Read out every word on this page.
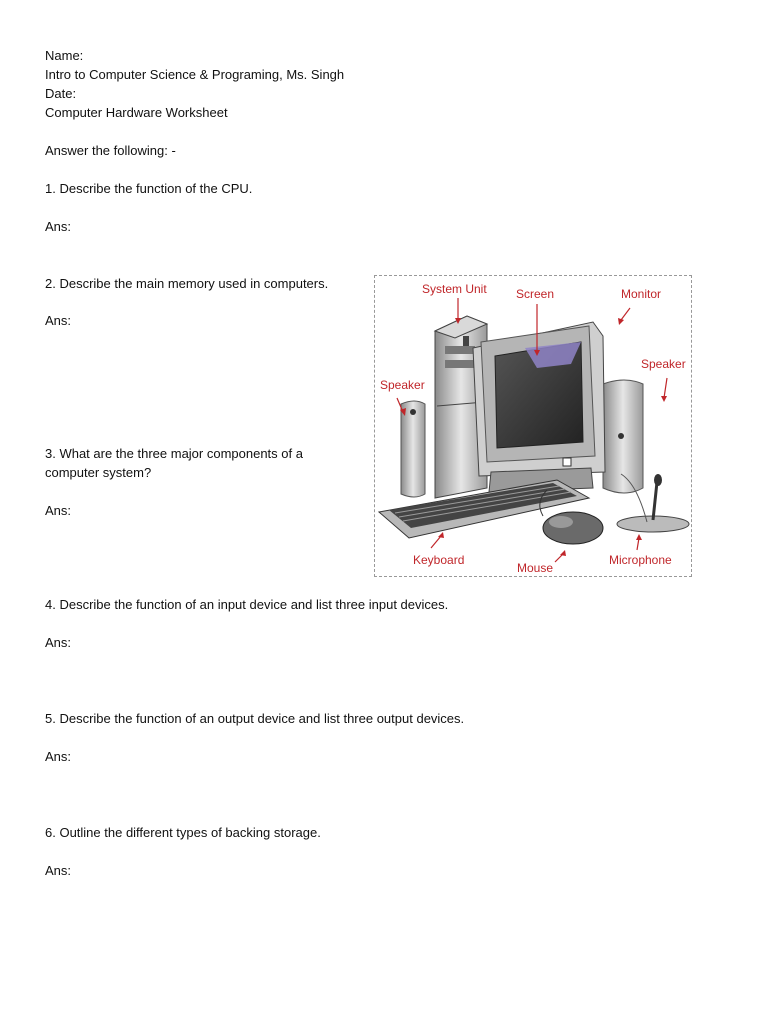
Name:
Intro to Computer Science & Programing, Ms. Singh
Date:
Computer Hardware Worksheet
Answer the following: -
1. Describe the function of the CPU.
Ans:
2. Describe the main memory used in computers.
Ans:
3. What are the three major components of a
computer system?
Ans:
4. Describe the function of an input device and list three input devices.
Ans:
5. Describe the function of an output device and list three output devices.
Ans:
6. Outline the different types of backing storage.
Ans:
System Unit Screen	Monitor
Speaker
Speaker
Keyboard
Mouse
Microphone
